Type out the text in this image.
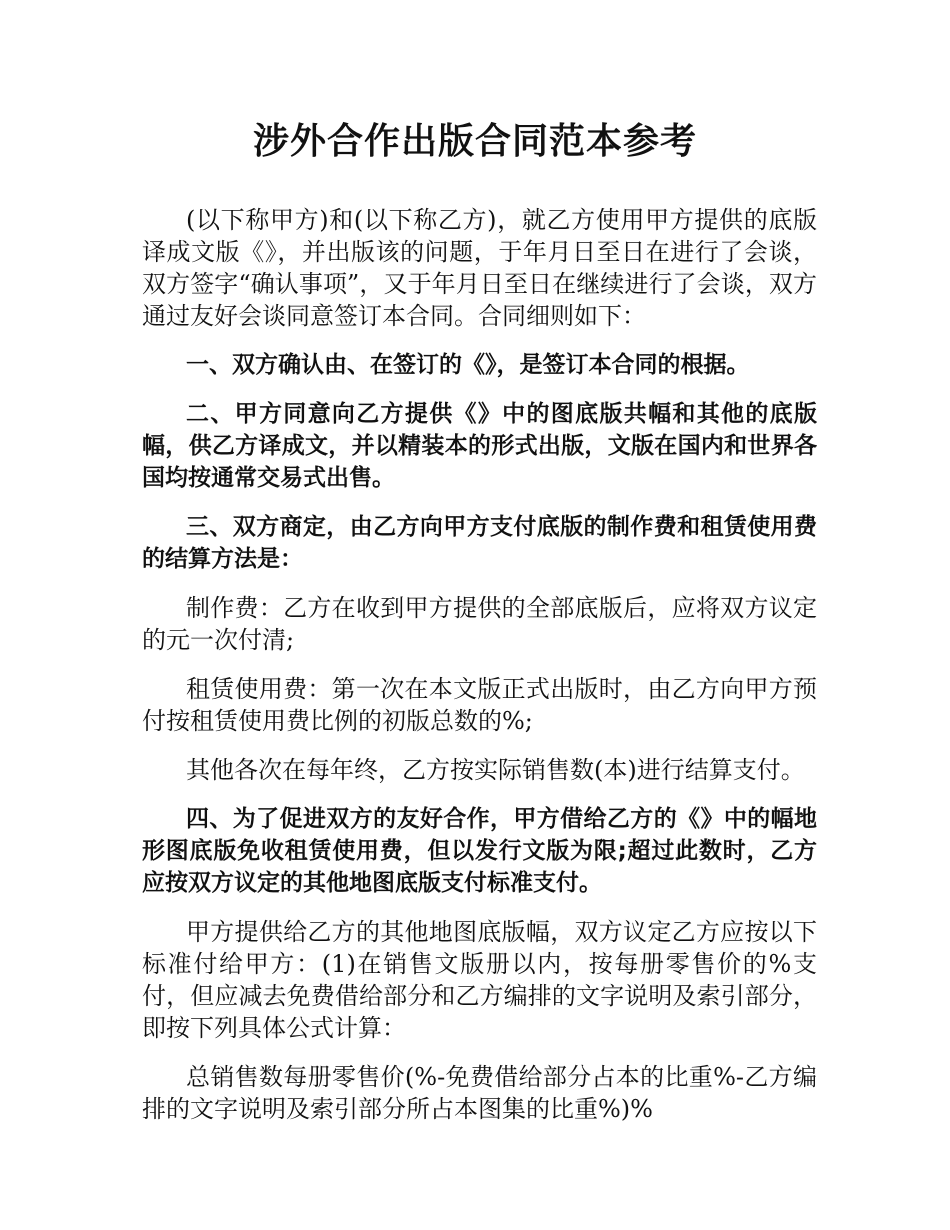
涉外合作出版合同范本参考

(以下称甲方)和(以下称乙方)，就乙方使用甲方提供的底版译成文版《》，并出版该的问题，于年月日至日在进行了会谈，双方签字“确认事项”，又于年月日至日在继续进行了会谈，双方通过友好会谈同意签订本合同。合同细则如下：

一、双方确认由、在签订的《》，是签订本合同的根据。

二、甲方同意向乙方提供《》中的图底版共幅和其他的底版幅，供乙方译成文，并以精装本的形式出版，文版在国内和世界各国均按通常交易式出售。

三、双方商定，由乙方向甲方支付底版的制作费和租赁使用费的结算方法是：

制作费：乙方在收到甲方提供的全部底版后，应将双方议定的元一次付清;

租赁使用费：第一次在本文版正式出版时，由乙方向甲方预付按租赁使用费比例的初版总数的%;

其他各次在每年终，乙方按实际销售数(本)进行结算支付。

四、为了促进双方的友好合作，甲方借给乙方的《》中的幅地形图底版免收租赁使用费，但以发行文版为限;超过此数时，乙方应按双方议定的其他地图底版支付标准支付。

甲方提供给乙方的其他地图底版幅，双方议定乙方应按以下标准付给甲方：(1)在销售文版册以内，按每册零售价的%支付，但应减去免费借给部分和乙方编排的文字说明及索引部分，即按下列具体公式计算：

总销售数每册零售价(%-免费借给部分占本的比重%-乙方编排的文字说明及索引部分所占本图集的比重%)%
